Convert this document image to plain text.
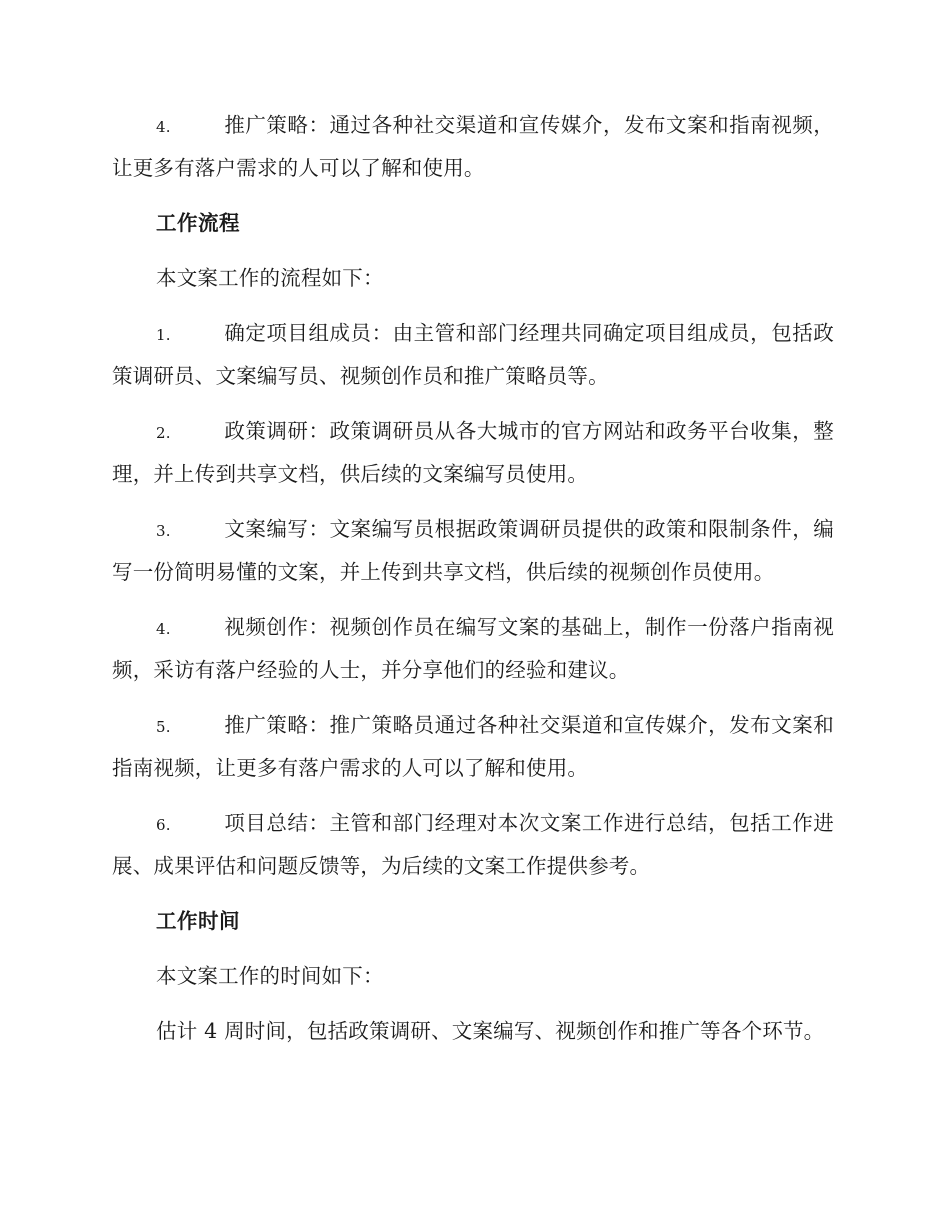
4.	推广策略：通过各种社交渠道和宣传媒介，发布文案和指南视频，让更多有落户需求的人可以了解和使用。

工作流程

本文案工作的流程如下：

1.	确定项目组成员：由主管和部门经理共同确定项目组成员，包括政策调研员、文案编写员、视频创作员和推广策略员等。

2.	政策调研：政策调研员从各大城市的官方网站和政务平台收集，整理，并上传到共享文档，供后续的文案编写员使用。

3.	文案编写：文案编写员根据政策调研员提供的政策和限制条件，编写一份简明易懂的文案，并上传到共享文档，供后续的视频创作员使用。

4.	视频创作：视频创作员在编写文案的基础上，制作一份落户指南视频，采访有落户经验的人士，并分享他们的经验和建议。

5.	推广策略：推广策略员通过各种社交渠道和宣传媒介，发布文案和指南视频，让更多有落户需求的人可以了解和使用。

6.	项目总结：主管和部门经理对本次文案工作进行总结，包括工作进展、成果评估和问题反馈等，为后续的文案工作提供参考。

工作时间

本文案工作的时间如下：

估计 4 周时间，包括政策调研、文案编写、视频创作和推广等各个环节。
